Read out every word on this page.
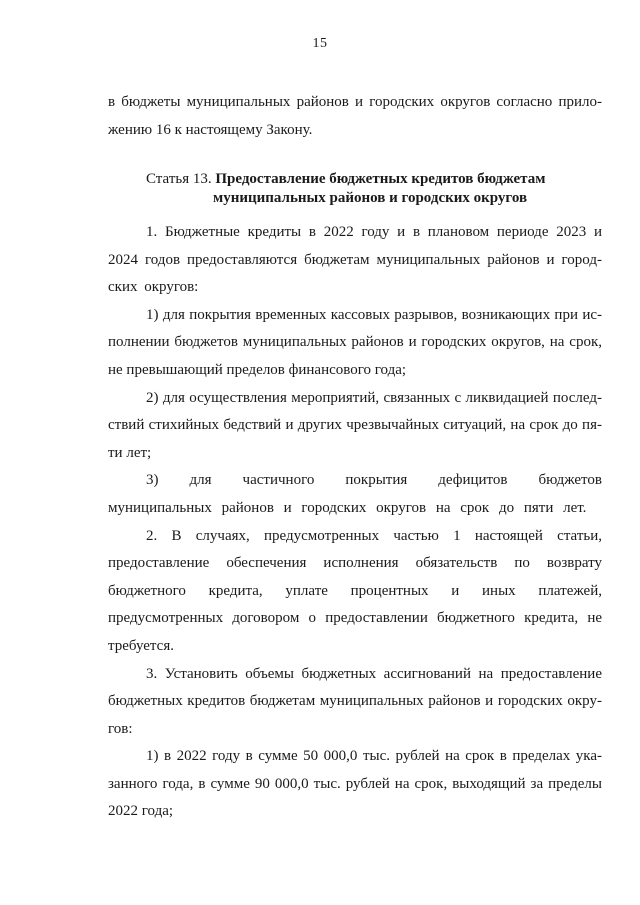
15
в бюджеты муниципальных районов и городских округов согласно прило-
жению 16 к настоящему Закону.
Статья 13. Предоставление бюджетных кредитов бюджетам
муниципальных районов и городских округов

1. Бюджетные кредиты в 2022 году и в плановом периоде 2023 и 2024 годов предоставляются бюджетам муниципальных районов и городских округов:

1) для покрытия временных кассовых разрывов, возникающих при исполнении бюджетов муниципальных районов и городских округов, на срок, не превышающий пределов финансового года;

2) для осуществления мероприятий, связанных с ликвидацией последствий стихийных бедствий и других чрезвычайных ситуаций, на срок до пяти лет;

3) для частичного покрытия дефицитов бюджетов муниципальных районов и городских округов на срок до пяти лет.

2. В случаях, предусмотренных частью 1 настоящей статьи, предоставление обеспечения исполнения обязательств по возврату бюджетного кредита, уплате процентных и иных платежей, предусмотренных договором о предоставлении бюджетного кредита, не требуется.

3. Установить объемы бюджетных ассигнований на предоставление бюджетных кредитов бюджетам муниципальных районов и городских округов:

1) в 2022 году в сумме 50 000,0 тыс. рублей на срок в пределах указанного года, в сумме 90 000,0 тыс. рублей на срок, выходящий за пределы 2022 года;
